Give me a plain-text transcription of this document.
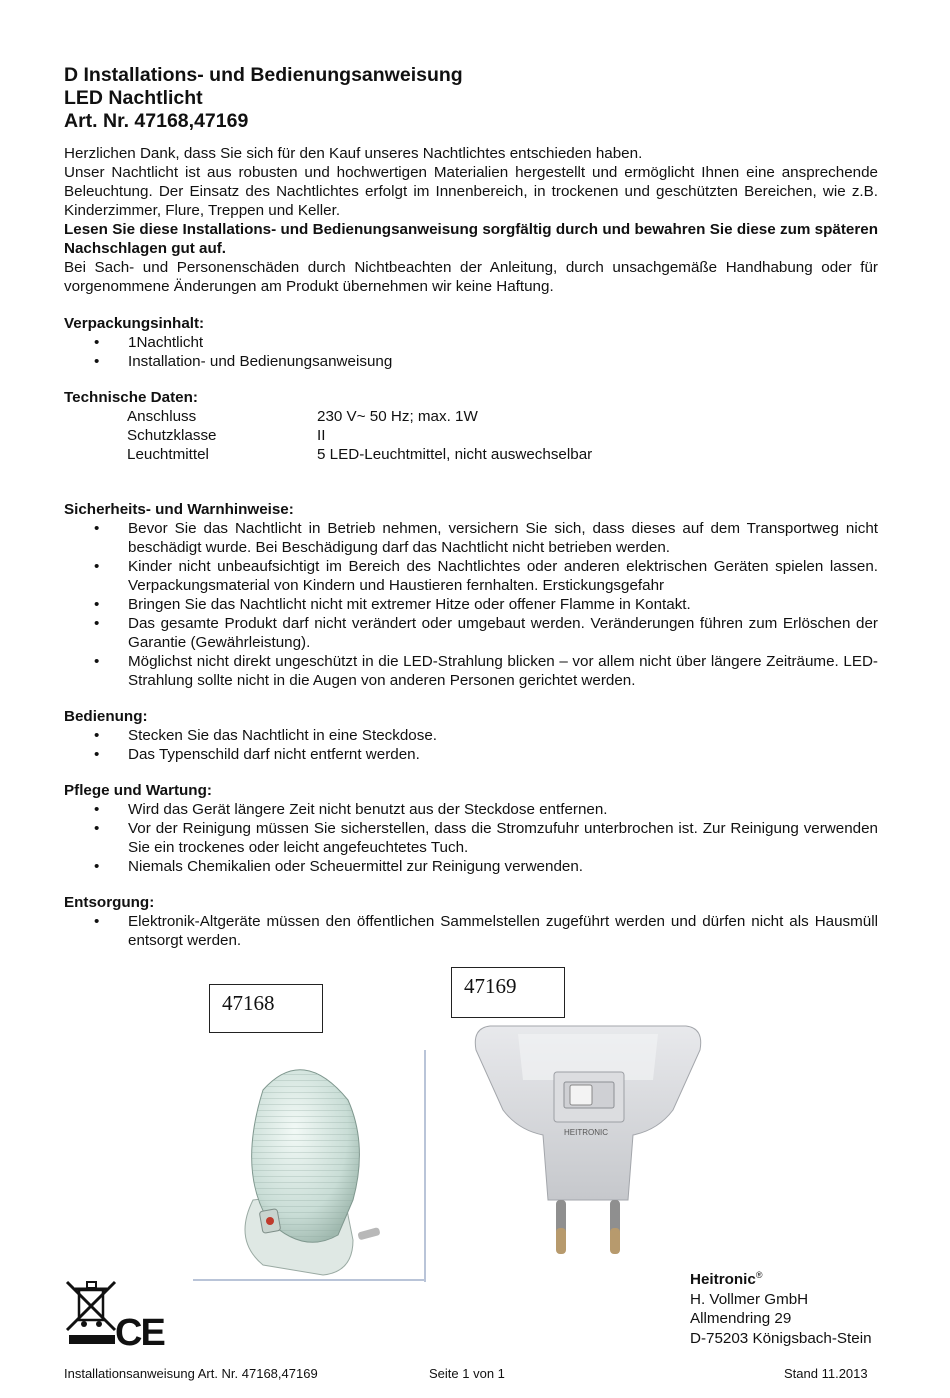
D Installations- und Bedienungsanweisung
LED Nachtlicht
Art. Nr. 47168,47169

Herzlichen Dank, dass Sie sich für den Kauf unseres Nachtlichtes entschieden haben.

Unser Nachtlicht ist aus robusten und hochwertigen Materialien hergestellt und ermöglicht Ihnen eine ansprechende Beleuchtung. Der Einsatz des Nachtlichtes erfolgt im Innenbereich, in trockenen und geschützten Bereichen, wie z.B. Kinderzimmer, Flure, Treppen und Keller.

Lesen Sie diese Installations- und Bedienungsanweisung sorgfältig durch und bewahren Sie diese zum späteren Nachschlagen gut auf.

Bei Sach- und Personenschäden durch Nichtbeachten der Anleitung, durch unsachgemäße Handhabung oder für vorgenommene Änderungen am Produkt übernehmen wir keine Haftung.

Verpackungsinhalt:
• 1Nachtlicht
• Installation- und Bedienungsanweisung
Technische Daten:
Anschluss	230 V~ 50 Hz; max. 1W
Schutzklasse	II
Leuchtmittel	5 LED-Leuchtmittel, nicht auswechselbar
Sicherheits- und Warnhinweise:
• Bevor Sie das Nachtlicht in Betrieb nehmen, versichern Sie sich, dass dieses auf dem Transportweg nicht beschädigt wurde. Bei Beschädigung darf das Nachtlicht nicht betrieben werden.
• Kinder nicht unbeaufsichtigt im Bereich des Nachtlichtes oder anderen elektrischen Geräten spielen lassen. Verpackungsmaterial von Kindern und Haustieren fernhalten. Erstickungsgefahr
• Bringen Sie das Nachtlicht nicht mit extremer Hitze oder offener Flamme in Kontakt.
• Das gesamte Produkt darf nicht verändert oder umgebaut werden. Veränderungen führen zum Erlöschen der Garantie (Gewährleistung).
• Möglichst nicht direkt ungeschützt in die LED-Strahlung blicken – vor allem nicht über längere Zeiträume. LED-Strahlung sollte nicht in die Augen von anderen Personen gerichtet werden.
Bedienung:
• Stecken Sie das Nachtlicht in eine Steckdose.
• Das Typenschild darf nicht entfernt werden.
Pflege und Wartung:
• Wird das Gerät längere Zeit nicht benutzt aus der Steckdose entfernen.
• Vor der Reinigung müssen Sie sicherstellen, dass die Stromzufuhr unterbrochen ist. Zur Reinigung verwenden Sie ein trockenes oder leicht angefeuchtetes Tuch.
• Niemals Chemikalien oder Scheuermittel zur Reinigung verwenden.
Entsorgung:
• Elektronik-Altgeräte müssen den öffentlichen Sammelstellen zugeführt werden und dürfen nicht als Hausmüll entsorgt werden.
47168
47169
HEITRONIC
CE
Heitronic®
H. Vollmer GmbH
Allmendring 29
D-75203 Königsbach-Stein
Installationsanweisung Art. Nr. 47168,47169	Seite 1 von 1	Stand 11.2013
